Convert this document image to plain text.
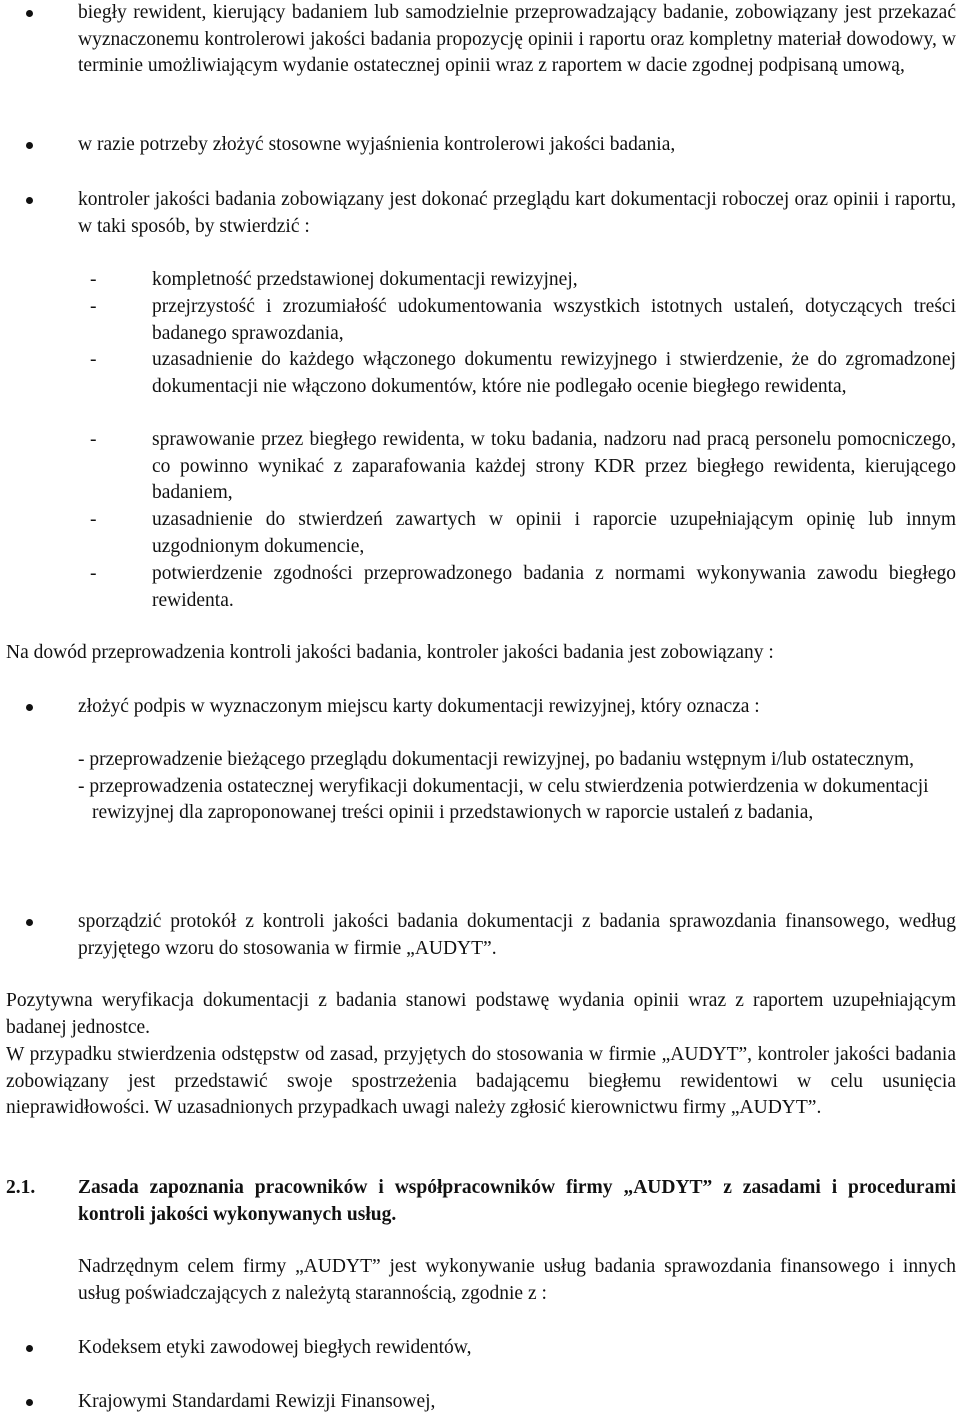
biegły rewident, kierujący badaniem lub samodzielnie przeprowadzający badanie, zobowiązany jest przekazać wyznaczonemu kontrolerowi jakości badania propozycję opinii i raportu oraz kompletny materiał dowodowy, w terminie umożliwiającym wydanie ostatecznej opinii wraz z raportem w dacie zgodnej podpisaną umową,

w razie potrzeby złożyć stosowne wyjaśnienia kontrolerowi jakości badania,

kontroler jakości badania zobowiązany jest dokonać przeglądu kart dokumentacji roboczej oraz opinii i raportu, w taki sposób, by stwierdzić :

- kompletność przedstawionej dokumentacji rewizyjnej,

- przejrzystość i zrozumiałość udokumentowania wszystkich istotnych ustaleń, dotyczących treści badanego sprawozdania,

- uzasadnienie do każdego włączonego dokumentu rewizyjnego i stwierdzenie, że do zgromadzonej dokumentacji nie włączono dokumentów, które nie podlegało ocenie biegłego rewidenta,

- sprawowanie przez biegłego rewidenta, w toku badania, nadzoru nad pracą personelu pomocniczego, co powinno wynikać z zaparafowania każdej strony KDR przez biegłego rewidenta, kierującego badaniem,

- uzasadnienie do stwierdzeń zawartych w opinii i raporcie uzupełniającym opinię lub innym uzgodnionym dokumencie,

- potwierdzenie zgodności przeprowadzonego badania z normami wykonywania zawodu biegłego rewidenta.

Na dowód przeprowadzenia kontroli jakości badania, kontroler jakości badania jest zobowiązany :

złożyć podpis w wyznaczonym miejscu karty dokumentacji rewizyjnej, który oznacza :

- przeprowadzenie bieżącego przeglądu dokumentacji rewizyjnej, po badaniu wstępnym i/lub ostatecznym,
- przeprowadzenia ostatecznej weryfikacji dokumentacji, w celu stwierdzenia potwierdzenia w dokumentacji rewizyjnej dla zaproponowanej treści opinii i przedstawionych w raporcie ustaleń z badania,

sporządzić protokół z kontroli jakości badania dokumentacji z badania sprawozdania finansowego, według przyjętego wzoru do stosowania w firmie „AUDYT”.

Pozytywna weryfikacja dokumentacji z badania stanowi podstawę wydania opinii wraz z raportem uzupełniającym badanej jednostce.

W przypadku stwierdzenia odstępstw od zasad, przyjętych do stosowania w firmie „AUDYT”, kontroler jakości badania zobowiązany jest przedstawić swoje spostrzeżenia badającemu biegłemu rewidentowi w celu usunięcia nieprawidłowości. W uzasadnionych przypadkach uwagi należy zgłosić kierownictwu firmy „AUDYT”.

2.1. Zasada zapoznania pracowników i współpracowników firmy „AUDYT” z zasadami i procedurami kontroli jakości wykonywanych usług.

Nadrzędnym celem firmy „AUDYT” jest wykonywanie usług badania sprawozdania finansowego i innych usług poświadczających z należytą starannością, zgodnie z :

Kodeksem etyki zawodowej biegłych rewidentów,

Krajowymi Standardami Rewizji Finansowej,
